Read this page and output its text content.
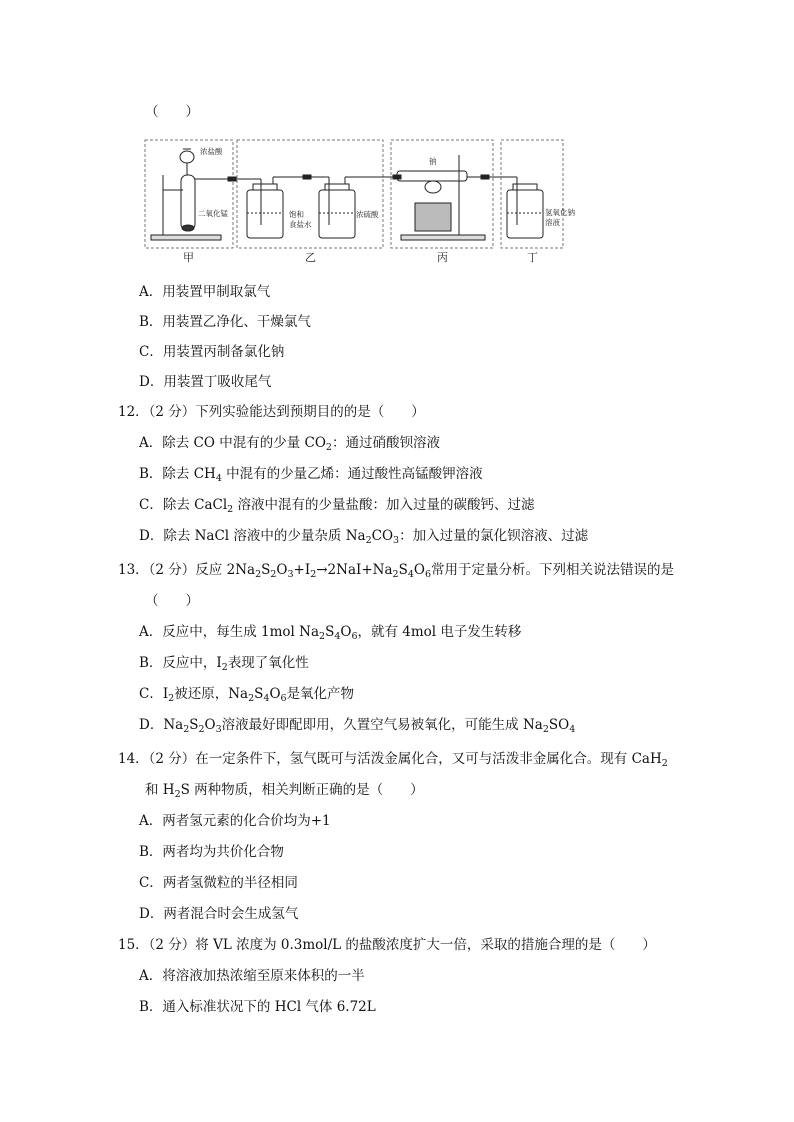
（　　）
浓盐酸
二氧化锰	饱和
食盐水
浓硫酸
钠
氢氧化钠
溶液
甲	乙	丙	丁
A．用装置甲制取氯气
B．用装置乙净化、干燥氯气
C．用装置丙制备氯化钠
D．用装置丁吸收尾气
12．（2 分）下列实验能达到预期目的的是（　　）
A．除去 CO 中混有的少量 $CO_2$：通过硝酸钡溶液
B．除去 $CH_4$ 中混有的少量乙烯：通过酸性高锰酸钾溶液
C．除去 CaCl$_2$ 溶液中混有的少量盐酸：加入过量的碳酸钙、过滤
D．除去 NaCl 溶液中的少量杂质 $Na_2CO_3$：加入过量的氯化钡溶液、过滤
13．（2 分）反应 $2Na_2S_2O_3+I_2\to 2NaI+Na_2S_4O_6$常用于定量分析。下列相关说法错误的是
（　　）
A．反应中，每生成 1mol $Na_2S_4O_6$，就有 4mol 电子发生转移
B．反应中，$I_2$表现了氧化性
C．$I_2$被还原，$Na_2S_4O_6$是氧化产物
D．$Na_2S_2O_3$溶液最好即配即用，久置空气易被氧化，可能生成 $Na_2SO_4$
14．（2 分）在一定条件下，氢气既可与活泼金属化合，又可与活泼非金属化合。现有 CaH$_2$
和 $H_2S$ 两种物质，相关判断正确的是（　　）
A．两者氢元素的化合价均为+1
B．两者均为共价化合物
C．两者氢微粒的半径相同
D．两者混合时会生成氢气
15．（2 分）将 VL 浓度为 0.3mol/L 的盐酸浓度扩大一倍，采取的措施合理的是（　　）
A．将溶液加热浓缩至原来体积的一半
B．通入标准状况下的 HCl 气体 6.72L
